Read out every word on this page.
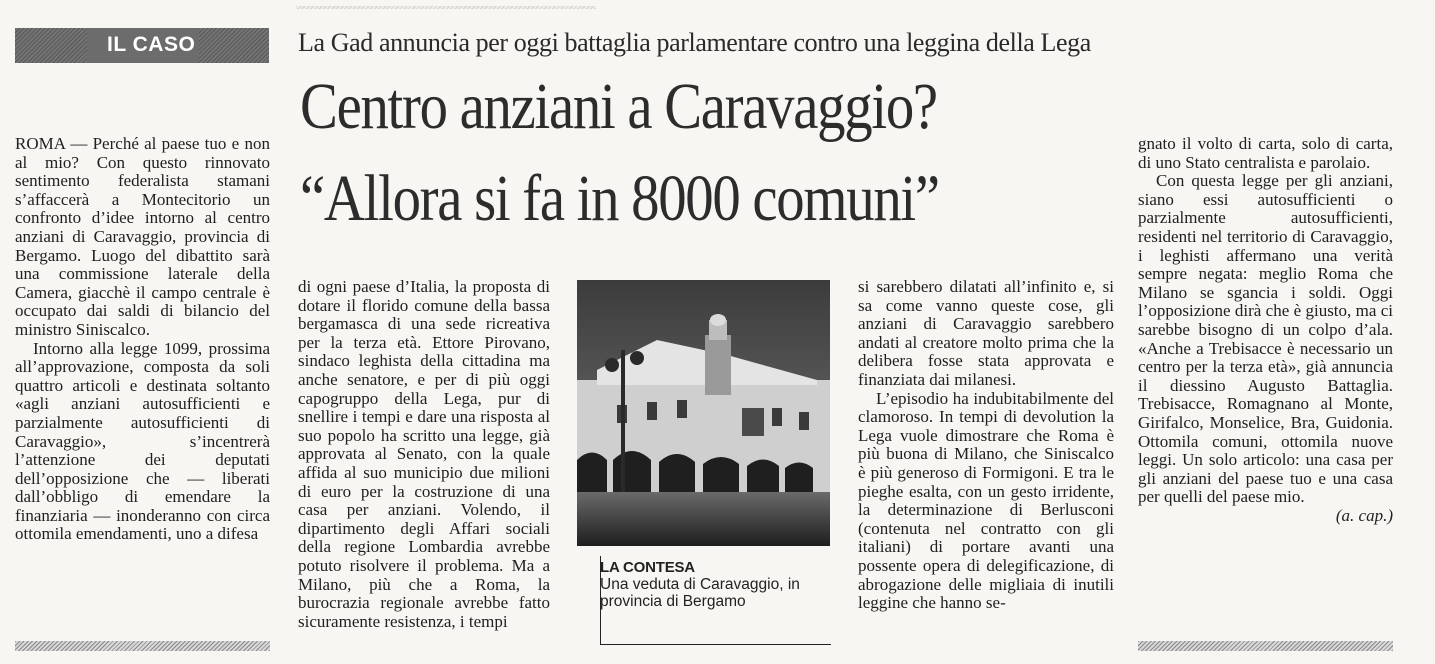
IL CASO	La Gad annuncia per oggi battaglia parlamentare contro una leggina della Lega
Centro anziani a Caravaggio?
“Allora si fa in 8000 comuni”

ROMA — Perché al paese tuo e non al mio? Con questo rinnovato sentimento federalista stamani s’affaccerà a Montecitorio un confronto d’idee intorno al centro anziani di Caravaggio, provincia di Bergamo. Luogo del dibattito sarà una commissione laterale della Camera, giacchè il campo centrale è occupato dai saldi di bilancio del ministro Siniscalco.

Intorno alla legge 1099, prossima all’approvazione, composta da soli quattro articoli e destinata soltanto «agli anziani autosufficienti e parzialmente autosufficienti di Caravaggio», s’incentrerà l’attenzione dei deputati dell’opposizione che — liberati dall’obbligo di emendare la finanziaria — inonderanno con circa ottomila emendamenti, uno a difesa

di ogni paese d’Italia, la proposta di dotare il florido comune della bassa bergamasca di una sede ricreativa per la terza età. Ettore Pirovano, sindaco leghista della cittadina ma anche senatore, e per di più oggi capogruppo della Lega, pur di snellire i tempi e dare una risposta al suo popolo ha scritto una legge, già approvata al Senato, con la quale affida al suo municipio due milioni di euro per la costruzione di una casa per anziani. Volendo, il dipartimento degli Affari sociali della regione Lombardia avrebbe potuto risolvere il problema. Ma a Milano, più che a Roma, la burocrazia regionale avrebbe fatto sicuramente resistenza, i tempi

LA CONTESA
Una veduta di Caravaggio, in provincia di Bergamo

si sarebbero dilatati all’infinito e, si sa come vanno queste cose, gli anziani di Caravaggio sarebbero andati al creatore molto prima che la delibera fosse stata approvata e finanziata dai milanesi.

L’episodio ha indubitabilmente del clamoroso. In tempi di devolution la Lega vuole dimostrare che Roma è più buona di Milano, che Siniscalco è più generoso di Formigoni. E tra le pieghe esalta, con un gesto irridente, la determinazione di Berlusconi (contenuta nel contratto con gli italiani) di portare avanti una possente opera di delegificazione, di abrogazione delle migliaia di inutili leggine che hanno se-

gnato il volto di carta, solo di carta, di uno Stato centralista e parolaio.

Con questa legge per gli anziani, siano essi autosufficienti o parzialmente autosufficienti, residenti nel territorio di Caravaggio, i leghisti affermano una verità sempre negata: meglio Roma che Milano se sgancia i soldi. Oggi l’opposizione dirà che è giusto, ma ci sarebbe bisogno di un colpo d’ala. «Anche a Trebisacce è necessario un centro per la terza età», già annuncia il diessino Augusto Battaglia. Trebisacce, Romagnano al Monte, Girifalco, Monselice, Bra, Guidonia. Ottomila comuni, ottomila nuove leggi. Un solo articolo: una casa per gli anziani del paese tuo e una casa per quelli del paese mio.

(a. cap.)
